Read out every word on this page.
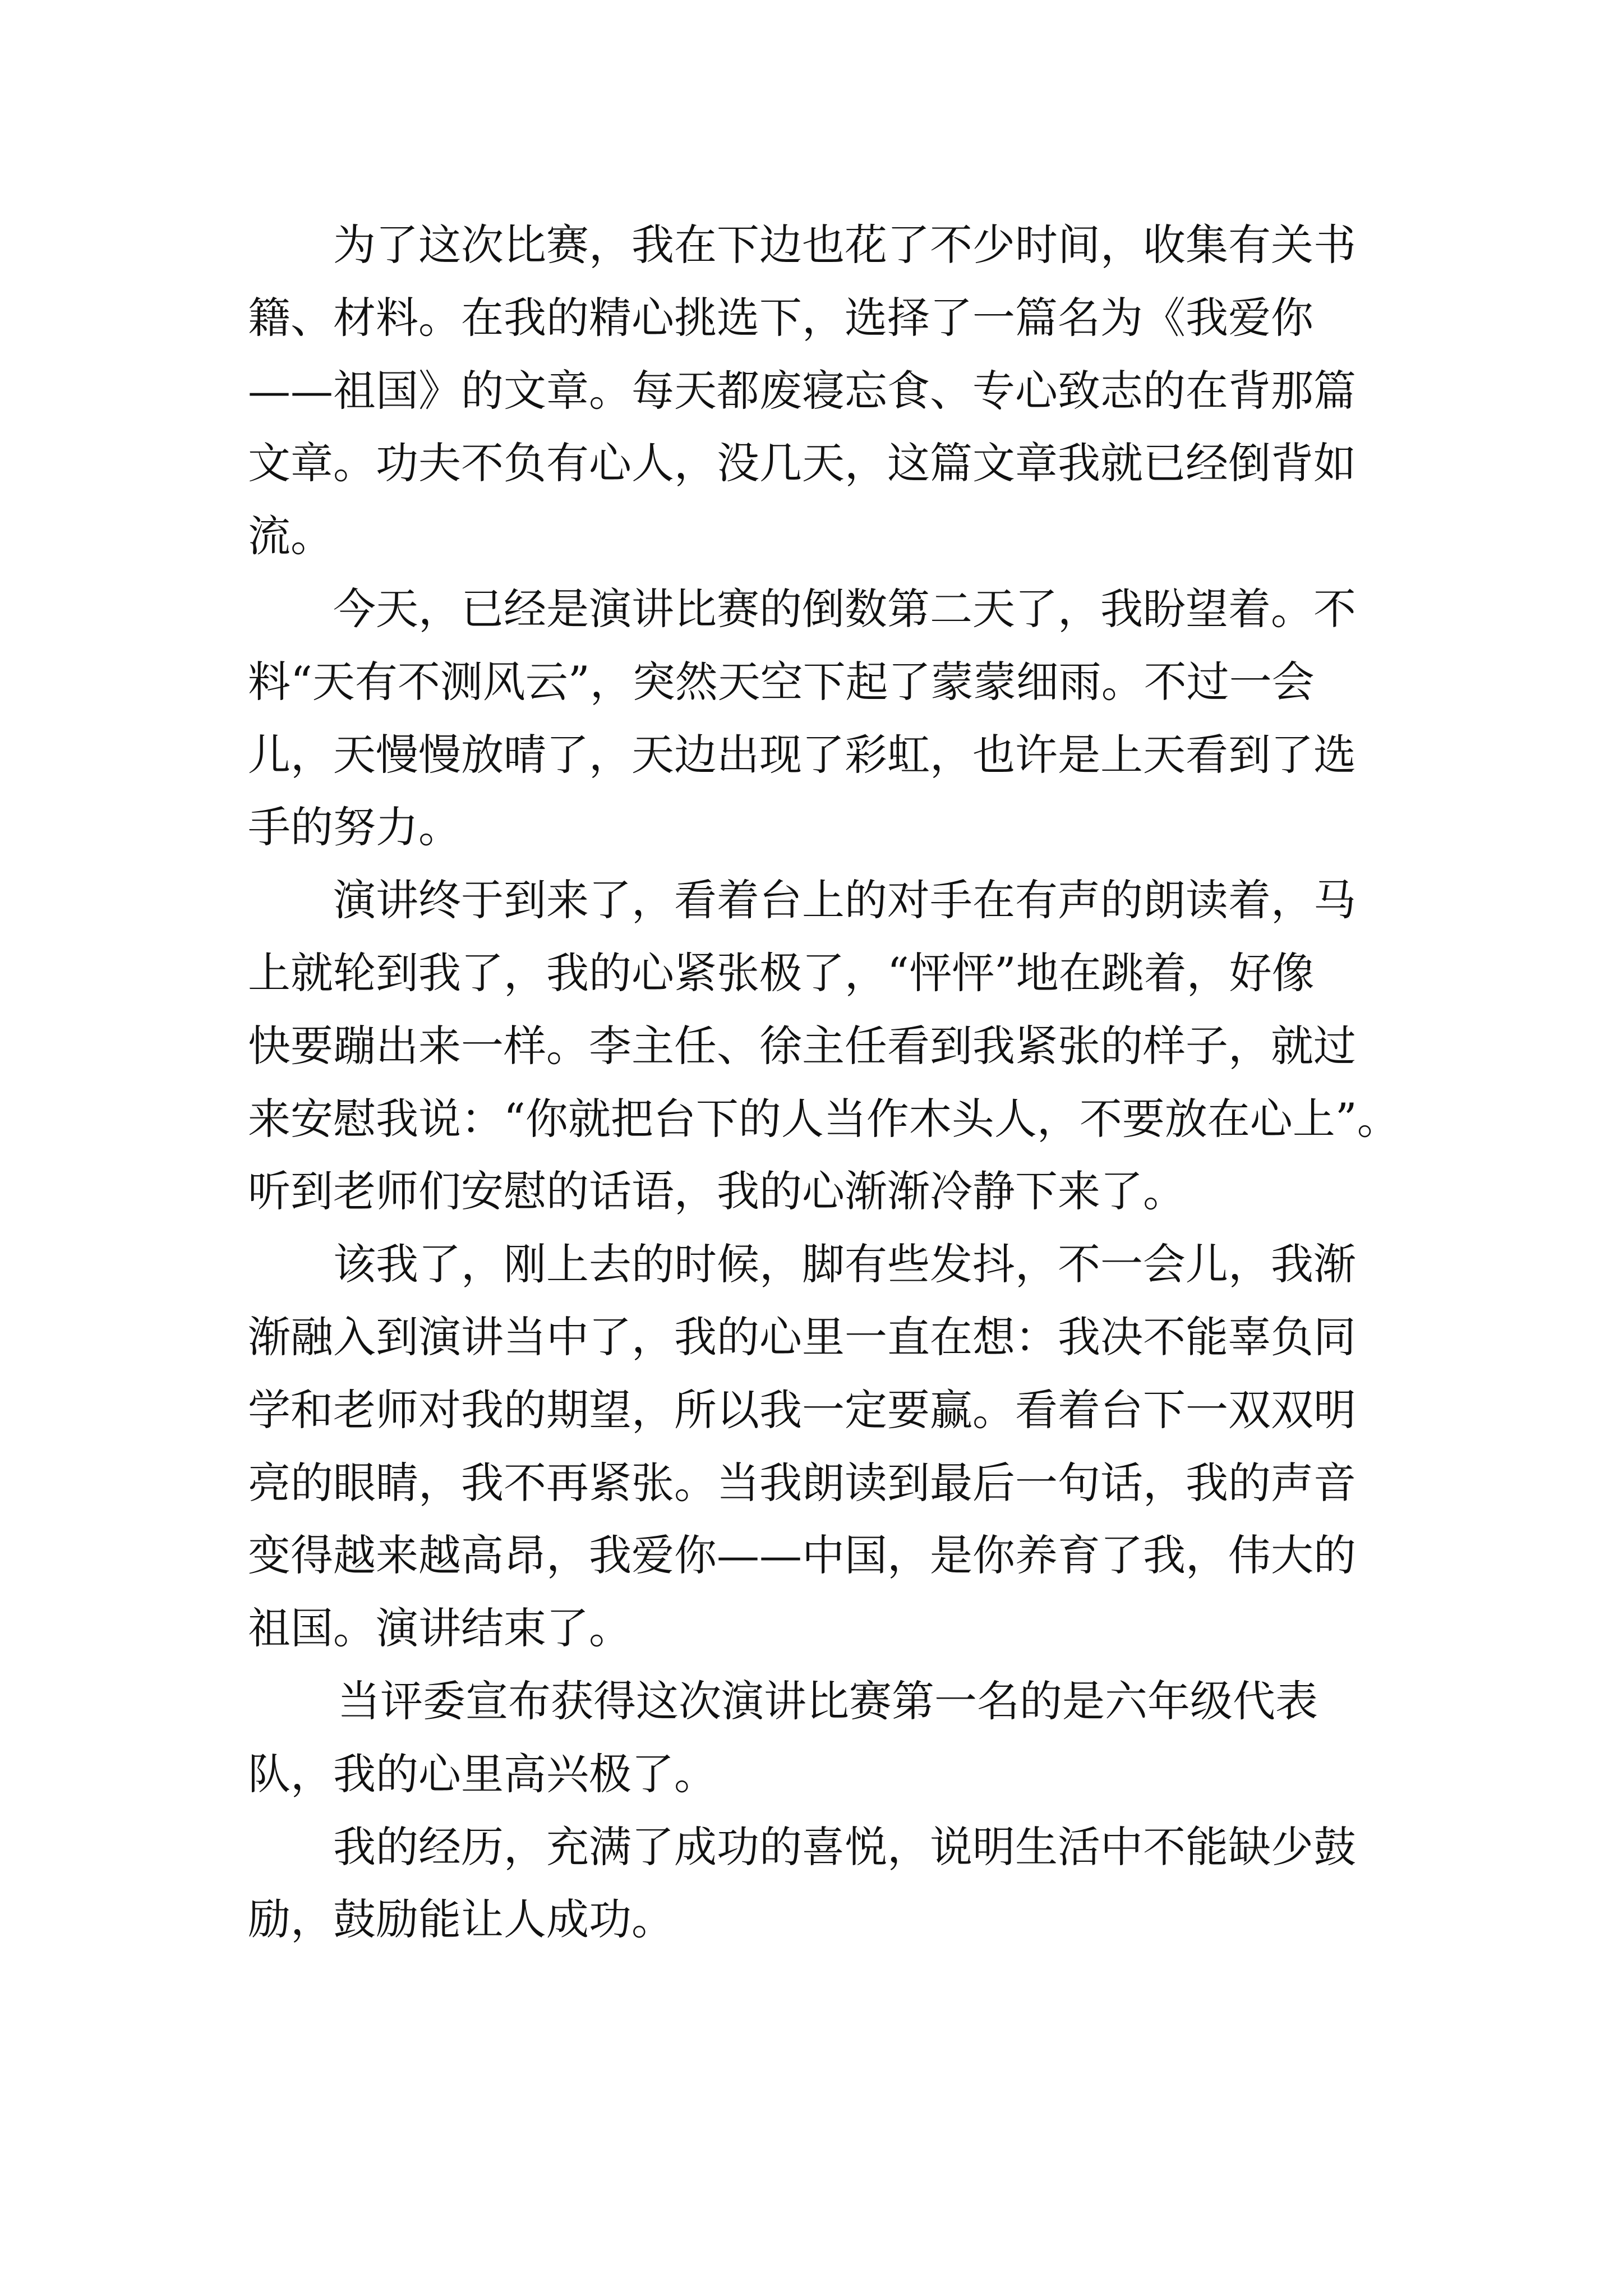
为了这次比赛，我在下边也花了不少时间，收集有关书
籍、材料。在我的精心挑选下，选择了一篇名为《我爱你
——祖国》的文章。每天都废寝忘食、专心致志的在背那篇
文章。功夫不负有心人，没几天，这篇文章我就已经倒背如
流。
今天，已经是演讲比赛的倒数第二天了，我盼望着。不
料“天有不测风云”，突然天空下起了蒙蒙细雨。不过一会
儿，天慢慢放晴了，天边出现了彩虹，也许是上天看到了选
手的努力。
演讲终于到来了，看着台上的对手在有声的朗读着，马
上就轮到我了，我的心紧张极了，“怦怦”地在跳着，好像
快要蹦出来一样。李主任、徐主任看到我紧张的样子，就过
来安慰我说：“你就把台下的人当作木头人，不要放在心上”。
听到老师们安慰的话语，我的心渐渐冷静下来了。
该我了，刚上去的时候，脚有些发抖，不一会儿，我渐
渐融入到演讲当中了，我的心里一直在想：我决不能辜负同
学和老师对我的期望，所以我一定要赢。看着台下一双双明
亮的眼睛，我不再紧张。当我朗读到最后一句话，我的声音
变得越来越高昂，我爱你——中国，是你养育了我，伟大的
祖国。演讲结束了。
当评委宣布获得这次演讲比赛第一名的是六年级代表
队，我的心里高兴极了。
我的经历，充满了成功的喜悦，说明生活中不能缺少鼓
励，鼓励能让人成功。
